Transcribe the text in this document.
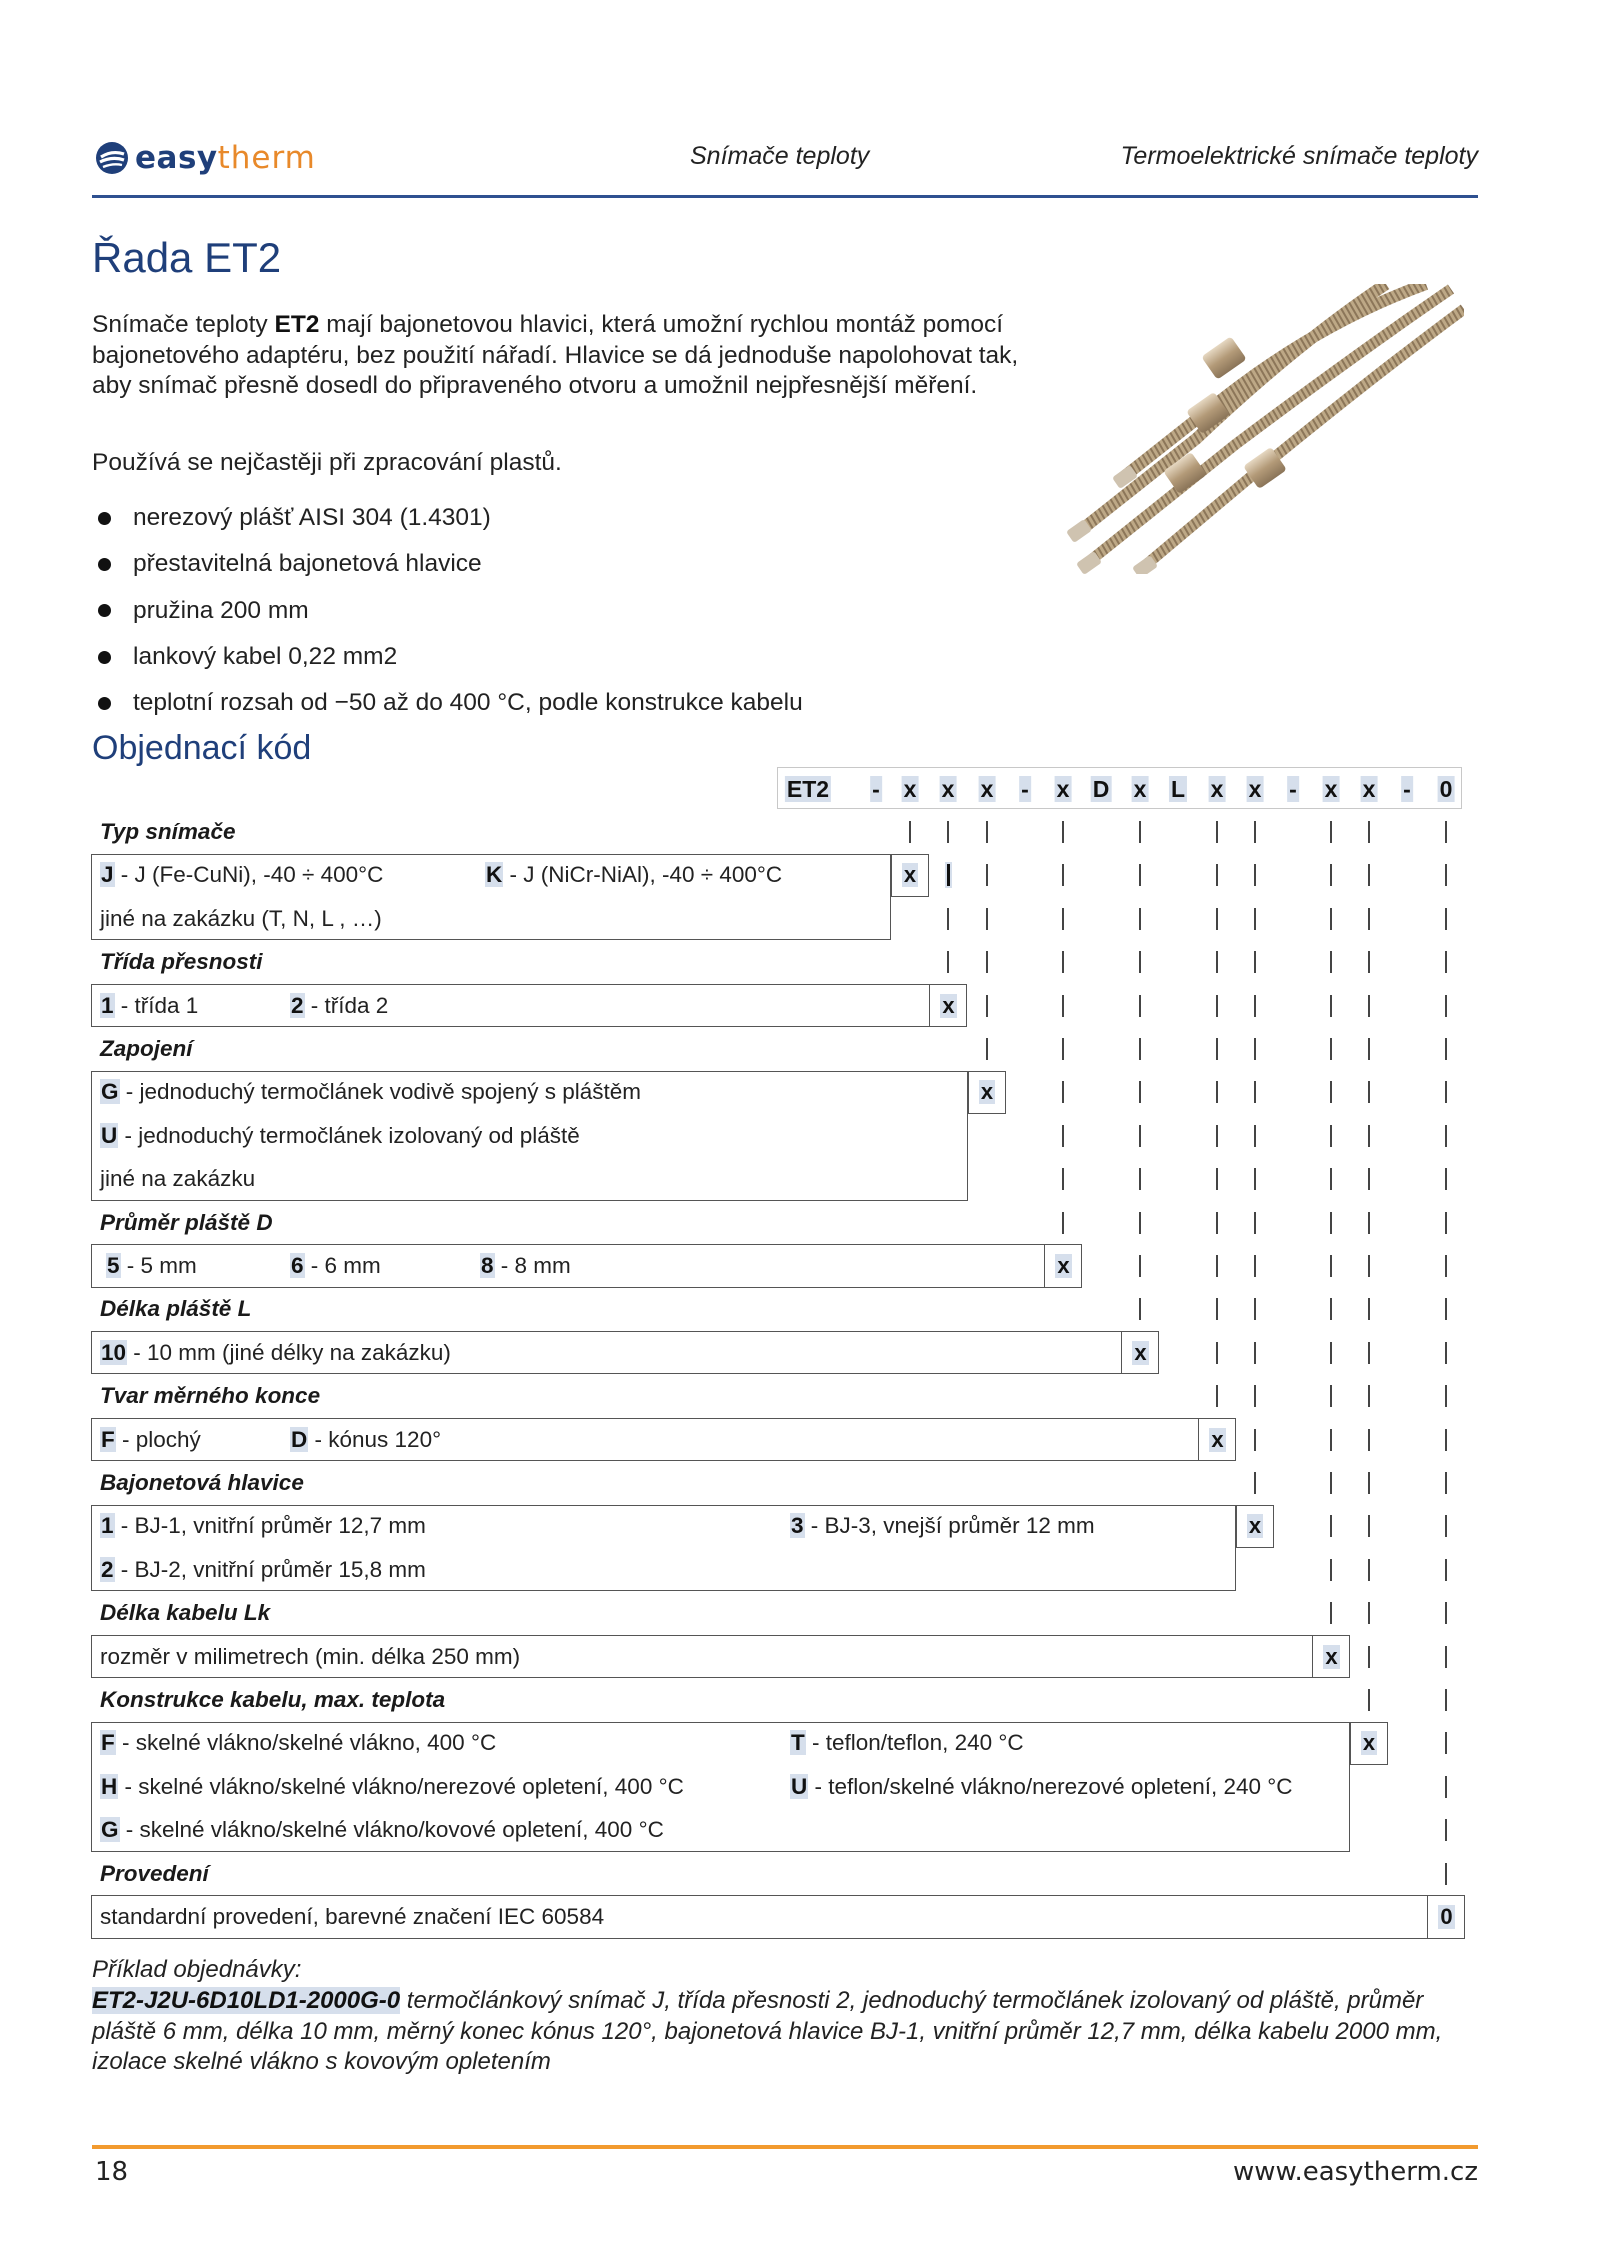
easy therm	Snímače teploty	Termoelektrické snímače teploty
Řada ET2
Snímače teploty ET2 mají bajonetovou hlavici, která umožní rychlou montáž pomocí bajonetového adaptéru, bez použití nářadí. Hlavice se dá jednoduše napolohovat tak, aby snímač přesně dosedl do připraveného otvoru a umožnil nejpřesnější měření.
Používá se nejčastěji při zpracování plastů.
nerezový plášť AISI 304 (1.4301)
přestavitelná bajonetová hlavice
pružina 200 mm
lankový kabel 0,22 mm2
teplotní rozsah od −50 až do 400 °C, podle konstrukce kabelu
Objednací kód
ET2 - x x x - x D x L x x - x x - 0
Typ snímače
x
J - J (Fe-CuNi), -40 ÷ 400°C	K - J (NiCr-NiAl), -40 ÷ 400°C
jiné na zakázku (T, N, L , …)
Třída přesnosti
x
1 - třída 1	2 - třída 2
Zapojení
x
G - jednoduchý termočlánek vodivě spojený s pláštěm
U - jednoduchý termočlánek izolovaný od pláště
jiné na zakázku
Průměr pláště D
x
5 - 5 mm	6 - 6 mm	8 - 8 mm
Délka pláště L
x
10 - 10 mm (jiné délky na zakázku)
Tvar měrného konce
x
F - plochý	D - kónus 120°
Bajonetová hlavice
x
1 - BJ-1, vnitřní průměr 12,7 mm	3 - BJ-3, vnejší průměr 12 mm
2 - BJ-2, vnitřní průměr 15,8 mm
Délka kabelu Lk
x
rozměr v milimetrech (min. délka 250 mm)
Konstrukce kabelu, max. teplota
x
F - skelné vlákno/skelné vlákno, 400 °C	T - teflon/teflon, 240 °C
H - skelné vlákno/skelné vlákno/nerezové opletení, 400 °C	U - teflon/skelné vlákno/nerezové opletení, 240 °C
G - skelné vlákno/skelné vlákno/kovové opletení, 400 °C
Provedení
0
standardní provedení, barevné značení IEC 60584
Příklad objednávky:
ET2-J2U-6D10LD1-2000G-0 termočlánkový snímač J, třída přesnosti 2, jednoduchý termočlánek izolovaný od pláště, průměr pláště 6 mm, délka 10 mm, měrný konec kónus 120°, bajonetová hlavice BJ-1, vnitřní průměr 12,7 mm, délka kabelu 2000 mm, izolace skelné vlákno s kovovým opletením
18	www.easytherm.cz
